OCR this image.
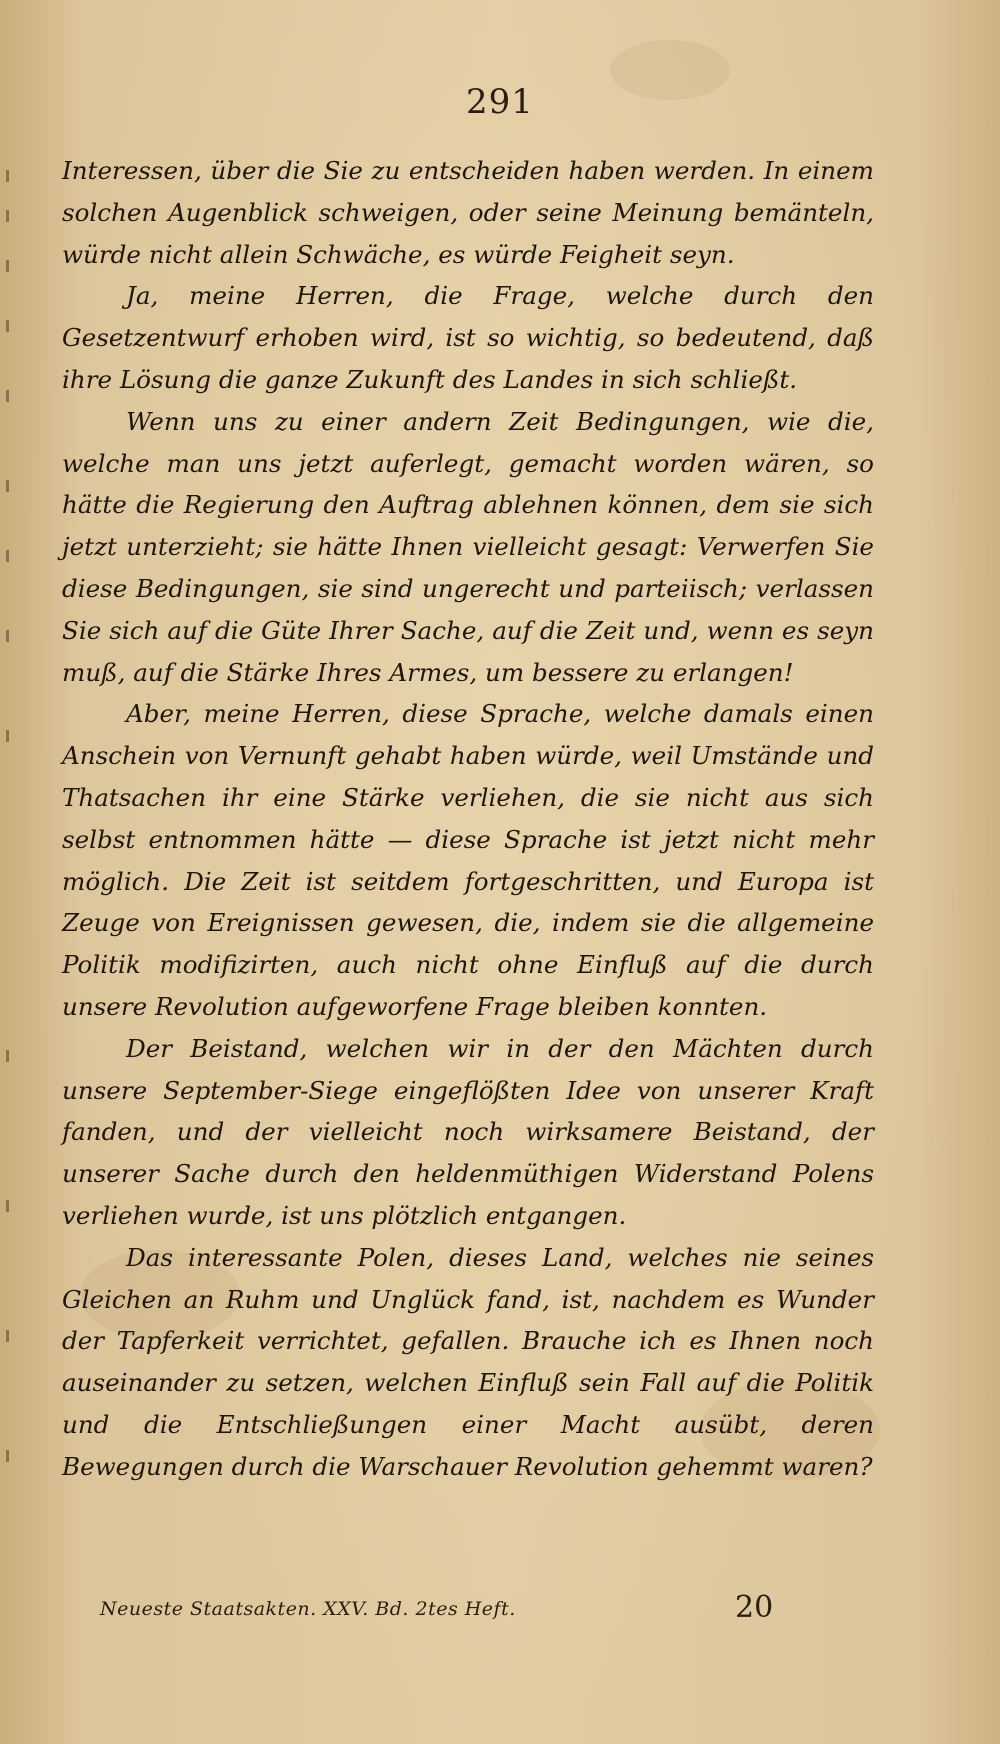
291

Interessen, über die Sie zu entscheiden haben werden. In einem solchen Augenblick schweigen, oder seine Meinung bemänteln, würde nicht allein Schwäche, es würde Feigheit seyn.

Ja, meine Herren, die Frage, welche durch den Gesetzentwurf erhoben wird, ist so wichtig, so bedeutend, daß ihre Lösung die ganze Zukunft des Landes in sich schließt.

Wenn uns zu einer andern Zeit Bedingungen, wie die, welche man uns jetzt auferlegt, gemacht worden wären, so hätte die Regierung den Auftrag ablehnen können, dem sie sich jetzt unterzieht; sie hätte Ihnen vielleicht gesagt: Verwerfen Sie diese Bedingungen, sie sind ungerecht und parteiisch; verlassen Sie sich auf die Güte Ihrer Sache, auf die Zeit und, wenn es seyn muß, auf die Stärke Ihres Armes, um bessere zu erlangen!

Aber, meine Herren, diese Sprache, welche damals einen Anschein von Vernunft gehabt haben würde, weil Umstände und Thatsachen ihr eine Stärke verliehen, die sie nicht aus sich selbst entnommen hätte — diese Sprache ist jetzt nicht mehr möglich. Die Zeit ist seitdem fortgeschritten, und Europa ist Zeuge von Ereignissen gewesen, die, indem sie die allgemeine Politik modifizirten, auch nicht ohne Einfluß auf die durch unsere Revolution aufgeworfene Frage bleiben konnten.

Der Beistand, welchen wir in der den Mächten durch unsere September-Siege eingeflößten Idee von unserer Kraft fanden, und der vielleicht noch wirksamere Beistand, der unserer Sache durch den heldenmüthigen Widerstand Polens verliehen wurde, ist uns plötzlich entgangen.

Das interessante Polen, dieses Land, welches nie seines Gleichen an Ruhm und Unglück fand, ist, nachdem es Wunder der Tapferkeit verrichtet, gefallen. Brauche ich es Ihnen noch auseinander zu setzen, welchen Einfluß sein Fall auf die Politik und die Entschließungen einer Macht ausübt, deren Bewegungen durch die Warschauer Revolution gehemmt waren?

Neueste Staatsakten. XXV. Bd. 2tes Heft.	20
